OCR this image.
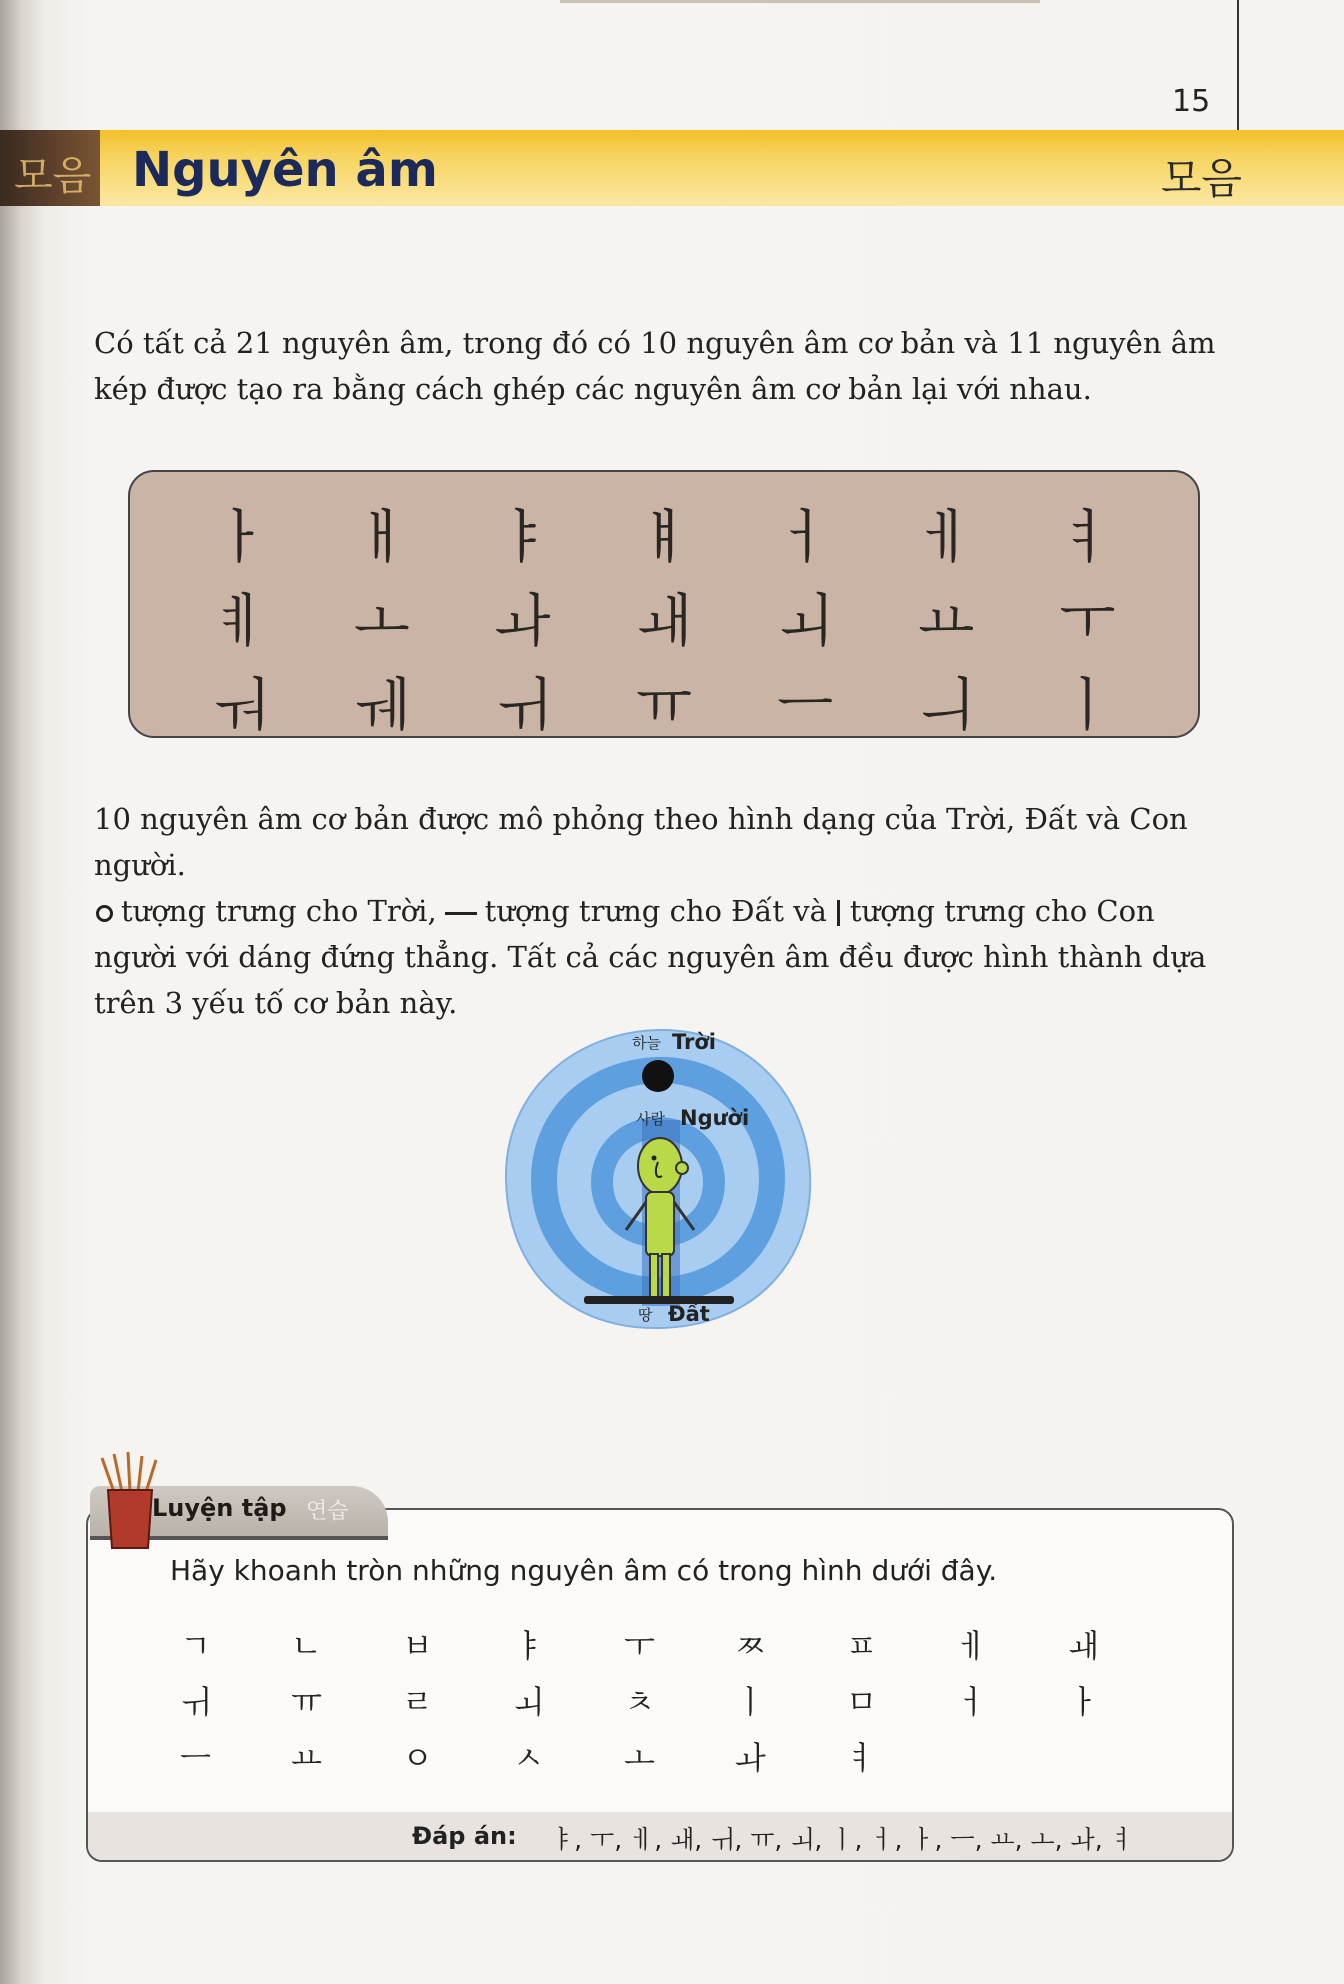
15
모음 Nguyên âm	모음

Có tất cả 21 nguyên âm, trong đó có 10 nguyên âm cơ bản và 11 nguyên âm kép được tạo ra bằng cách ghép các nguyên âm cơ bản lại với nhau.

ㅏ	ㅐ	ㅑ	ㅒ	ㅓ	ㅔ	ㅕ
ㅖ	ㅗ	ㅘ	ㅙ	ㅚ	ㅛ	ㅜ
ㅝ	ㅞ	ㅟ	ㅠ	ㅡ	ㅢ	ㅣ

10 nguyên âm cơ bản được mô phỏng theo hình dạng của Trời, Đất và Con người.
tượng trưng cho Trời, tượng trưng cho Đất và tượng trưng cho Con người với dáng đứng thẳng. Tất cả các nguyên âm đều được hình thành dựa trên 3 yếu tố cơ bản này.

하늘 Trời
사람 Người
땅 Đất
Luyện tập 연습
Hãy khoanh tròn những nguyên âm có trong hình dưới đây.
ㄱ	ㄴ	ㅂ	ㅑ	ㅜ	ㅉ	ㅍ	ㅔ	ㅙ
ㅟ	ㅠ	ㄹ	ㅚ	ㅊ	ㅣ	ㅁ	ㅓ	ㅏ
ㅡ	ㅛ	ㅇ	ㅅ	ㅗ	ㅘ	ㅕ
Đáp án: ㅑ, ㅜ, ㅔ, ㅙ, ㅟ, ㅠ, ㅚ, ㅣ, ㅓ, ㅏ, ㅡ, ㅛ, ㅗ, ㅘ, ㅕ
